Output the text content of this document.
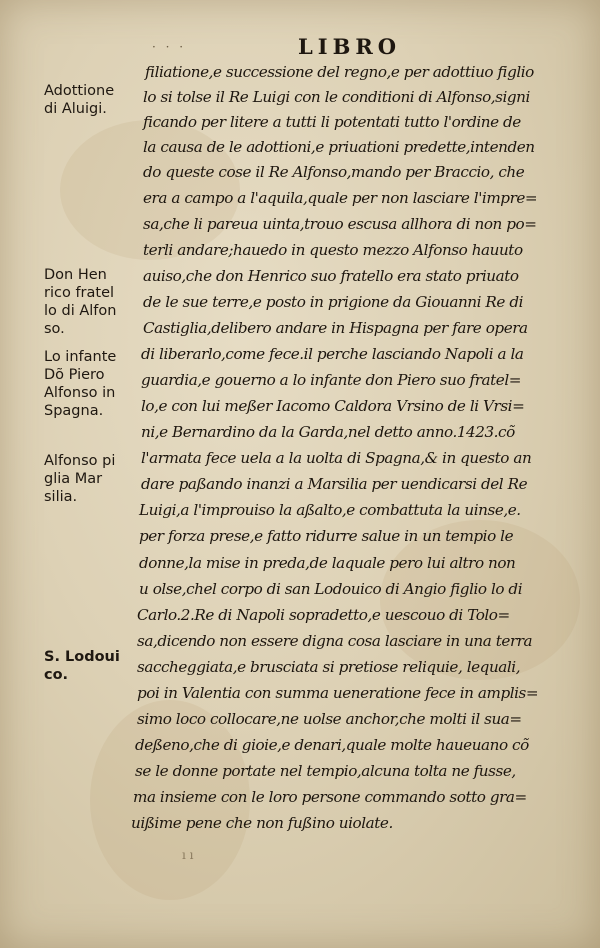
· · ·	LIBRO
Adottione
di Aluigi.
Don Hen
rico fratel
lo di Alfon
so.
Lo infante
Dõ Piero
Alfonso in
Spagna.
Alfonso pi
glia Mar
silia.
S. Lodoui
co.
filiatione,e successione del regno,e per adottiuo figlio
lo si tolse il Re Luigi con le conditioni di Alfonso,signi
ficando per litere a tutti li potentati tutto l'ordine de
la causa de le adottioni,e priuationi predette,intenden
do queste cose il Re Alfonso,mando per Braccio, che
era a campo a l'aquila,quale per non lasciare l'impre=
sa,che li pareua uinta,trouo escusa allhora di non po=
terli andare;hauedo in questo mezzo Alfonso hauuto
auiso,che don Henrico suo fratello era stato priuato
de le sue terre,e posto in prigione da Giouanni Re di
Castiglia,delibero andare in Hispagna per fare opera
di liberarlo,come fece.il perche lasciando Napoli a la
guardia,e gouerno a lo infante don Piero suo fratel=
lo,e con lui meßer Iacomo Caldora Vrsino de li Vrsi=
ni,e Bernardino da la Garda,nel detto anno.1423.cõ
l'armata fece uela a la uolta di Spagna,& in questo an
dare paßando inanzi a Marsilia per uendicarsi del Re
Luigi,a l'improuiso la aßalto,e combattuta la uinse,e.
per forza prese,e fatto ridurre salue in un tempio le
donne,la mise in preda,de laquale pero lui altro non
u olse,chel corpo di san Lodouico di Angio figlio lo di
Carlo.2.Re di Napoli sopradetto,e uescouo di Tolo=
sa,dicendo non essere digna cosa lasciare in una terra
saccheggiata,e brusciata si pretiose reliquie, lequali,
poi in Valentia con summa ueneratione fece in amplis=
simo loco collocare,ne uolse anchor,che molti il sua=
deßeno,che di gioie,e denari,quale molte haueuano cõ
se le donne portate nel tempio,alcuna tolta ne fusse,
ma insieme con le loro persone commando sotto gra=
uißime pene che non fußino uiolate.
ı ı
